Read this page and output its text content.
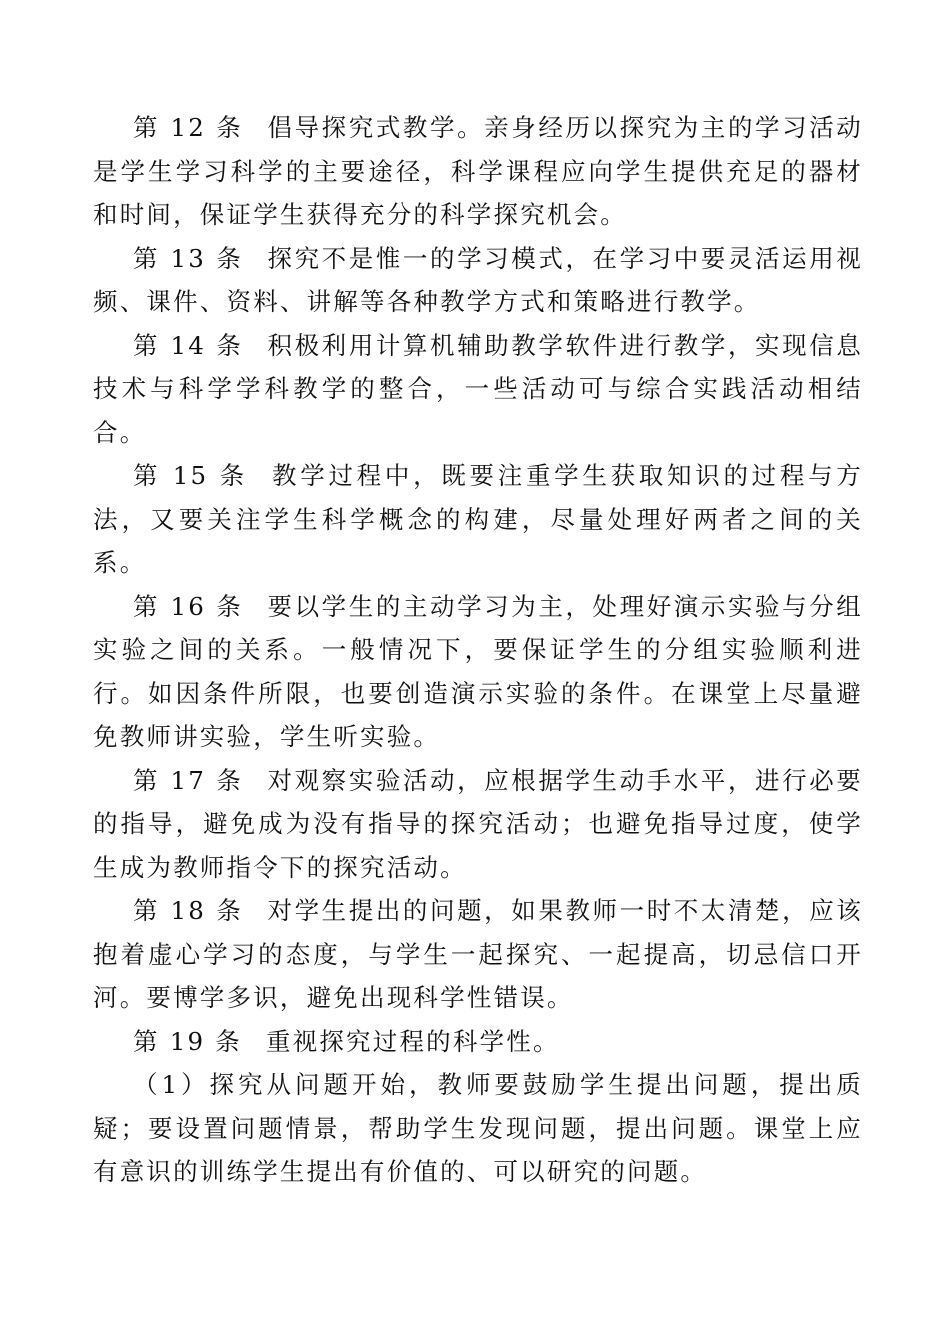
第 12 条 倡导探究式教学。亲身经历以探究为主的学习活动是学生学习科学的主要途径，科学课程应向学生提供充足的器材和时间，保证学生获得充分的科学探究机会。

第 13 条 探究不是惟一的学习模式，在学习中要灵活运用视频、课件、资料、讲解等各种教学方式和策略进行教学。

第 14 条 积极利用计算机辅助教学软件进行教学，实现信息技术与科学学科教学的整合，一些活动可与综合实践活动相结合。

第 15 条 教学过程中，既要注重学生获取知识的过程与方法，又要关注学生科学概念的构建，尽量处理好两者之间的关系。

第 16 条 要以学生的主动学习为主，处理好演示实验与分组实验之间的关系。一般情况下，要保证学生的分组实验顺利进行。如因条件所限，也要创造演示实验的条件。在课堂上尽量避免教师讲实验，学生听实验。

第 17 条 对观察实验活动，应根据学生动手水平，进行必要的指导，避免成为没有指导的探究活动；也避免指导过度，使学生成为教师指令下的探究活动。

第 18 条 对学生提出的问题，如果教师一时不太清楚，应该抱着虚心学习的态度，与学生一起探究、一起提高，切忌信口开河。要博学多识，避免出现科学性错误。

第 19 条 重视探究过程的科学性。

（1）探究从问题开始，教师要鼓励学生提出问题，提出质疑；要设置问题情景，帮助学生发现问题，提出问题。课堂上应有意识的训练学生提出有价值的、可以研究的问题。
